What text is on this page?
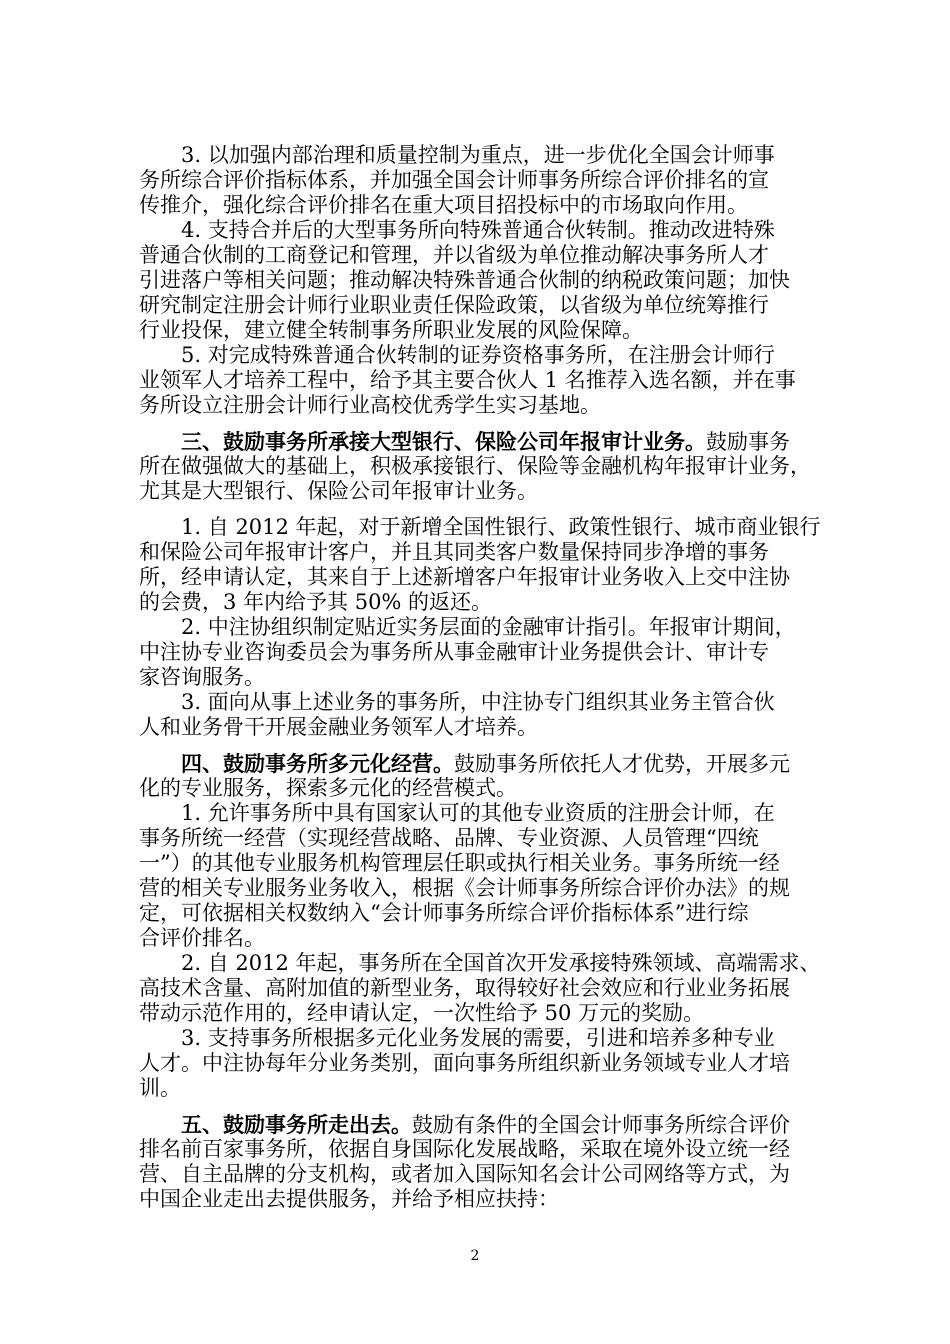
3. 以加强内部治理和质量控制为重点，进一步优化全国会计师事
务所综合评价指标体系，并加强全国会计师事务所综合评价排名的宣
传推介，强化综合评价排名在重大项目招投标中的市场取向作用。
4. 支持合并后的大型事务所向特殊普通合伙转制。推动改进特殊
普通合伙制的工商登记和管理，并以省级为单位推动解决事务所人才
引进落户等相关问题；推动解决特殊普通合伙制的纳税政策问题；加快
研究制定注册会计师行业职业责任保险政策，以省级为单位统筹推行
行业投保，建立健全转制事务所职业发展的风险保障。
5. 对完成特殊普通合伙转制的证券资格事务所，在注册会计师行
业领军人才培养工程中，给予其主要合伙人 1 名推荐入选名额，并在事
务所设立注册会计师行业高校优秀学生实习基地。
三、鼓励事务所承接大型银行、保险公司年报审计业务。鼓励事务
所在做强做大的基础上，积极承接银行、保险等金融机构年报审计业务，
尤其是大型银行、保险公司年报审计业务。
1. 自 2012 年起，对于新增全国性银行、政策性银行、城市商业银行
和保险公司年报审计客户，并且其同类客户数量保持同步净增的事务
所，经申请认定，其来自于上述新增客户年报审计业务收入上交中注协
的会费，3 年内给予其 50% 的返还。
2. 中注协组织制定贴近实务层面的金融审计指引。年报审计期间，
中注协专业咨询委员会为事务所从事金融审计业务提供会计、审计专
家咨询服务。
3. 面向从事上述业务的事务所，中注协专门组织其业务主管合伙
人和业务骨干开展金融业务领军人才培养。
四、鼓励事务所多元化经营。鼓励事务所依托人才优势，开展多元
化的专业服务，探索多元化的经营模式。
1. 允许事务所中具有国家认可的其他专业资质的注册会计师，在
事务所统一经营（实现经营战略、品牌、专业资源、人员管理“四统
一”）的其他专业服务机构管理层任职或执行相关业务。事务所统一经
营的相关专业服务业务收入，根据《会计师事务所综合评价办法》的规
定，可依据相关权数纳入“会计师事务所综合评价指标体系”进行综
合评价排名。
2. 自 2012 年起，事务所在全国首次开发承接特殊领域、高端需求、
高技术含量、高附加值的新型业务，取得较好社会效应和行业业务拓展
带动示范作用的，经申请认定，一次性给予 50 万元的奖励。
3. 支持事务所根据多元化业务发展的需要，引进和培养多种专业
人才。中注协每年分业务类别，面向事务所组织新业务领域专业人才培
训。
五、鼓励事务所走出去。鼓励有条件的全国会计师事务所综合评价
排名前百家事务所，依据自身国际化发展战略，采取在境外设立统一经
营、自主品牌的分支机构，或者加入国际知名会计公司网络等方式，为
中国企业走出去提供服务，并给予相应扶持：
2
